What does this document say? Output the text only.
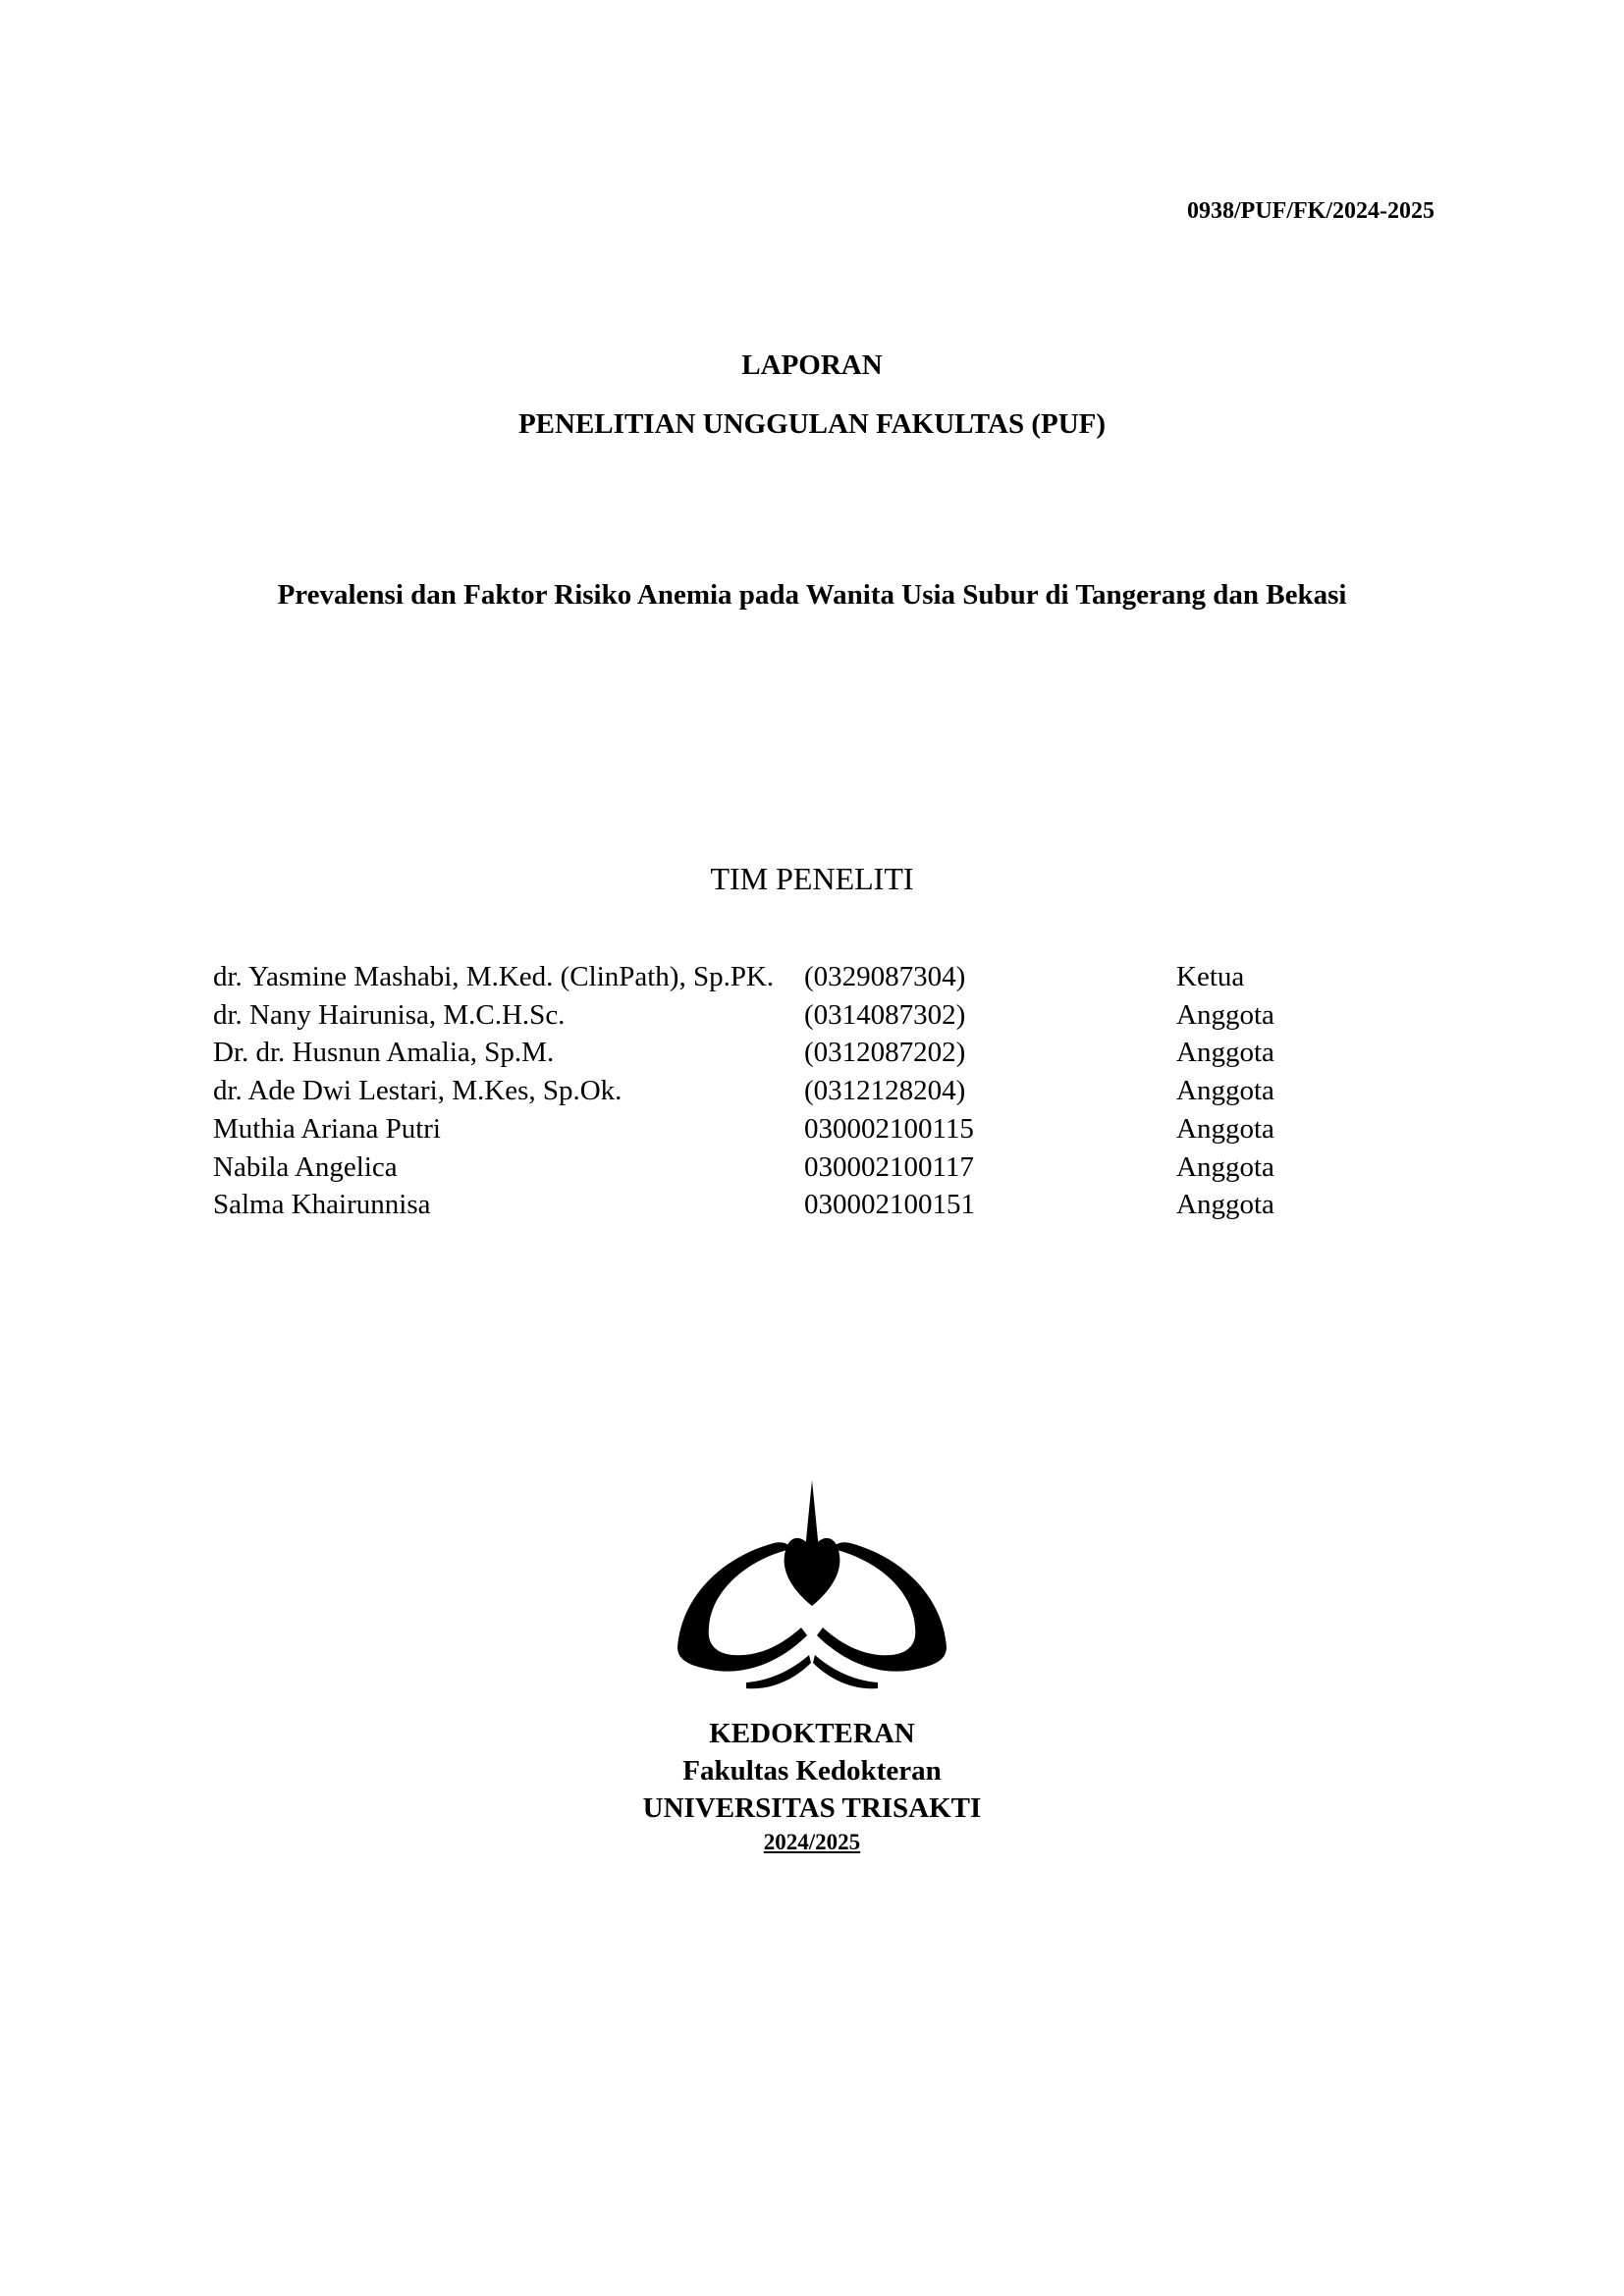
0938/PUF/FK/2024-2025
LAPORAN
PENELITIAN UNGGULAN FAKULTAS (PUF)
Prevalensi dan Faktor Risiko Anemia pada Wanita Usia Subur di Tangerang dan Bekasi
TIM PENELITI
dr. Yasmine Mashabi, M.Ked. (ClinPath), Sp.PK.	(0329087304)	Ketua
dr. Nany Hairunisa, M.C.H.Sc.	(0314087302)	Anggota
Dr. dr. Husnun Amalia, Sp.M.	(0312087202)	Anggota
dr. Ade Dwi Lestari, M.Kes, Sp.Ok.	(0312128204)	Anggota
Muthia Ariana Putri	030002100115	Anggota
Nabila Angelica	030002100117	Anggota
Salma Khairunnisa	030002100151	Anggota
KEDOKTERAN
Fakultas Kedokteran
UNIVERSITAS TRISAKTI
2024/2025
